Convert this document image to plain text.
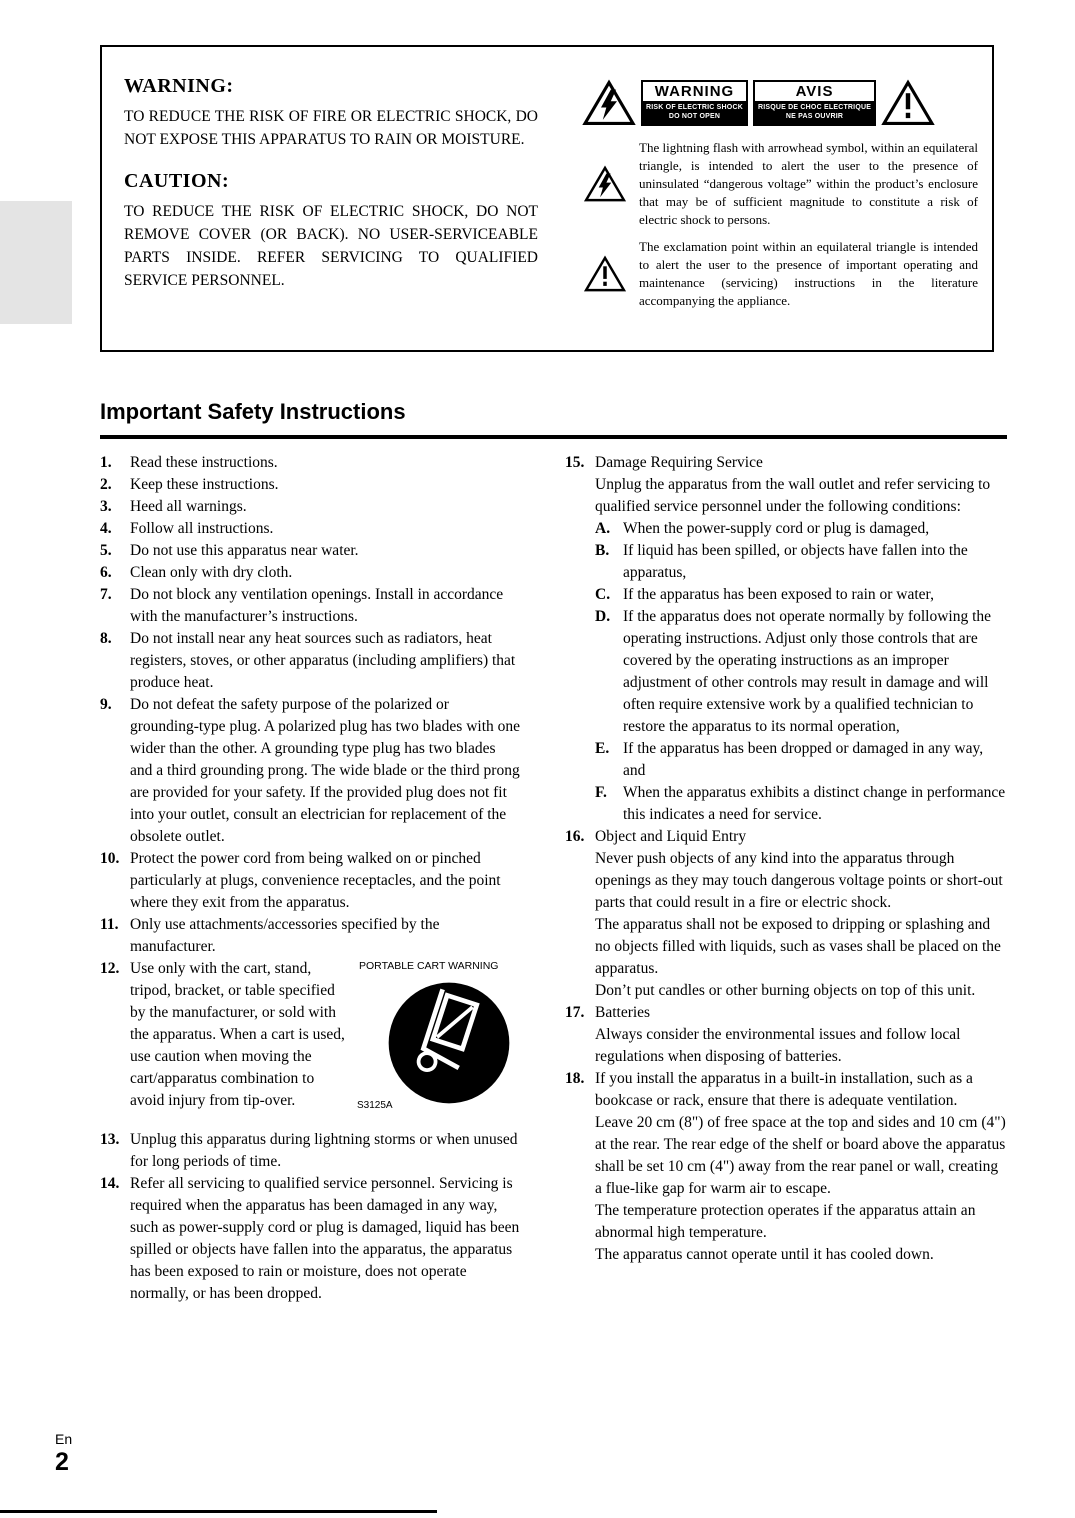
WARNING:
TO REDUCE THE RISK OF FIRE OR ELECTRIC SHOCK, DO NOT EXPOSE THIS APPARATUS TO RAIN OR MOISTURE.
CAUTION:
TO REDUCE THE RISK OF ELECTRIC SHOCK, DO NOT REMOVE COVER (OR BACK). NO USER-SERVICEABLE PARTS INSIDE. REFER SERVICING TO QUALIFIED SERVICE PERSONNEL.
WARNING
RISK OF ELECTRIC SHOCK
DO NOT OPEN
AVIS
RISQUE DE CHOC ELECTRIQUE
NE PAS OUVRIR
The lightning flash with arrowhead symbol, within an equilateral triangle, is intended to alert the user to the presence of uninsulated “dangerous voltage” within the product’s enclosure that may be of sufficient magnitude to constitute a risk of electric shock to persons.
The exclamation point within an equilateral triangle is intended to alert the user to the presence of important operating and maintenance (servicing) instructions in the literature accompanying the appliance.
Important Safety Instructions
1.	Read these instructions.
2.	Keep these instructions.
3.	Heed all warnings.
4.	Follow all instructions.
5.	Do not use this apparatus near water.
6.	Clean only with dry cloth.
7.	Do not block any ventilation openings. Install in accordance with the manufacturer’s instructions.
8.	Do not install near any heat sources such as radiators, heat registers, stoves, or other apparatus (including amplifiers) that produce heat.
9.	Do not defeat the safety purpose of the polarized or grounding-type plug. A polarized plug has two blades with one wider than the other. A grounding type plug has two blades and a third grounding prong. The wide blade or the third prong are provided for your safety. If the provided plug does not fit into your outlet, consult an electrician for replacement of the obsolete outlet.
10. Protect the power cord from being walked on or pinched particularly at plugs, convenience receptacles, and the point where they exit from the apparatus.
11. Only use attachments/accessories specified by the manufacturer.
12.	PORTABLE CART WARNING
S3125A
Use only with the cart, stand, tripod, bracket, or table specified by the manufacturer, or sold with the apparatus. When a cart is used, use caution when moving the cart/apparatus combination to avoid injury from tip-over.
13. Unplug this apparatus during lightning storms or when unused for long periods of time.
14. Refer all servicing to qualified service personnel. Servicing is required when the apparatus has been damaged in any way, such as power-supply cord or plug is damaged, liquid has been spilled or objects have fallen into the apparatus, the apparatus has been exposed to rain or moisture, does not operate normally, or has been dropped.
15. Damage Requiring Service
Unplug the apparatus from the wall outlet and refer servicing to qualified service personnel under the following conditions:
A. When the power-supply cord or plug is damaged,
B. If liquid has been spilled, or objects have fallen into the apparatus,
C. If the apparatus has been exposed to rain or water,
D. If the apparatus does not operate normally by following the operating instructions. Adjust only those controls that are covered by the operating instructions as an improper adjustment of other controls may result in damage and will often require extensive work by a qualified technician to restore the apparatus to its normal operation,
E. If the apparatus has been dropped or damaged in any way, and
F.	When the apparatus exhibits a distinct change in performance this indicates a need for service.
16. Object and Liquid Entry
Never push objects of any kind into the apparatus through openings as they may touch dangerous voltage points or short-out parts that could result in a fire or electric shock.
The apparatus shall not be exposed to dripping or splashing and no objects filled with liquids, such as vases shall be placed on the apparatus.
Don’t put candles or other burning objects on top of this unit.
17. Batteries
Always consider the environmental issues and follow local regulations when disposing of batteries.
18. If you install the apparatus in a built-in installation, such as a bookcase or rack, ensure that there is adequate ventilation.
Leave 20 cm (8") of free space at the top and sides and 10 cm (4") at the rear. The rear edge of the shelf or board above the apparatus shall be set 10 cm (4") away from the rear panel or wall, creating a flue-like gap for warm air to escape.
The temperature protection operates if the apparatus attain an abnormal high temperature.
The apparatus cannot operate until it has cooled down.
En
2
